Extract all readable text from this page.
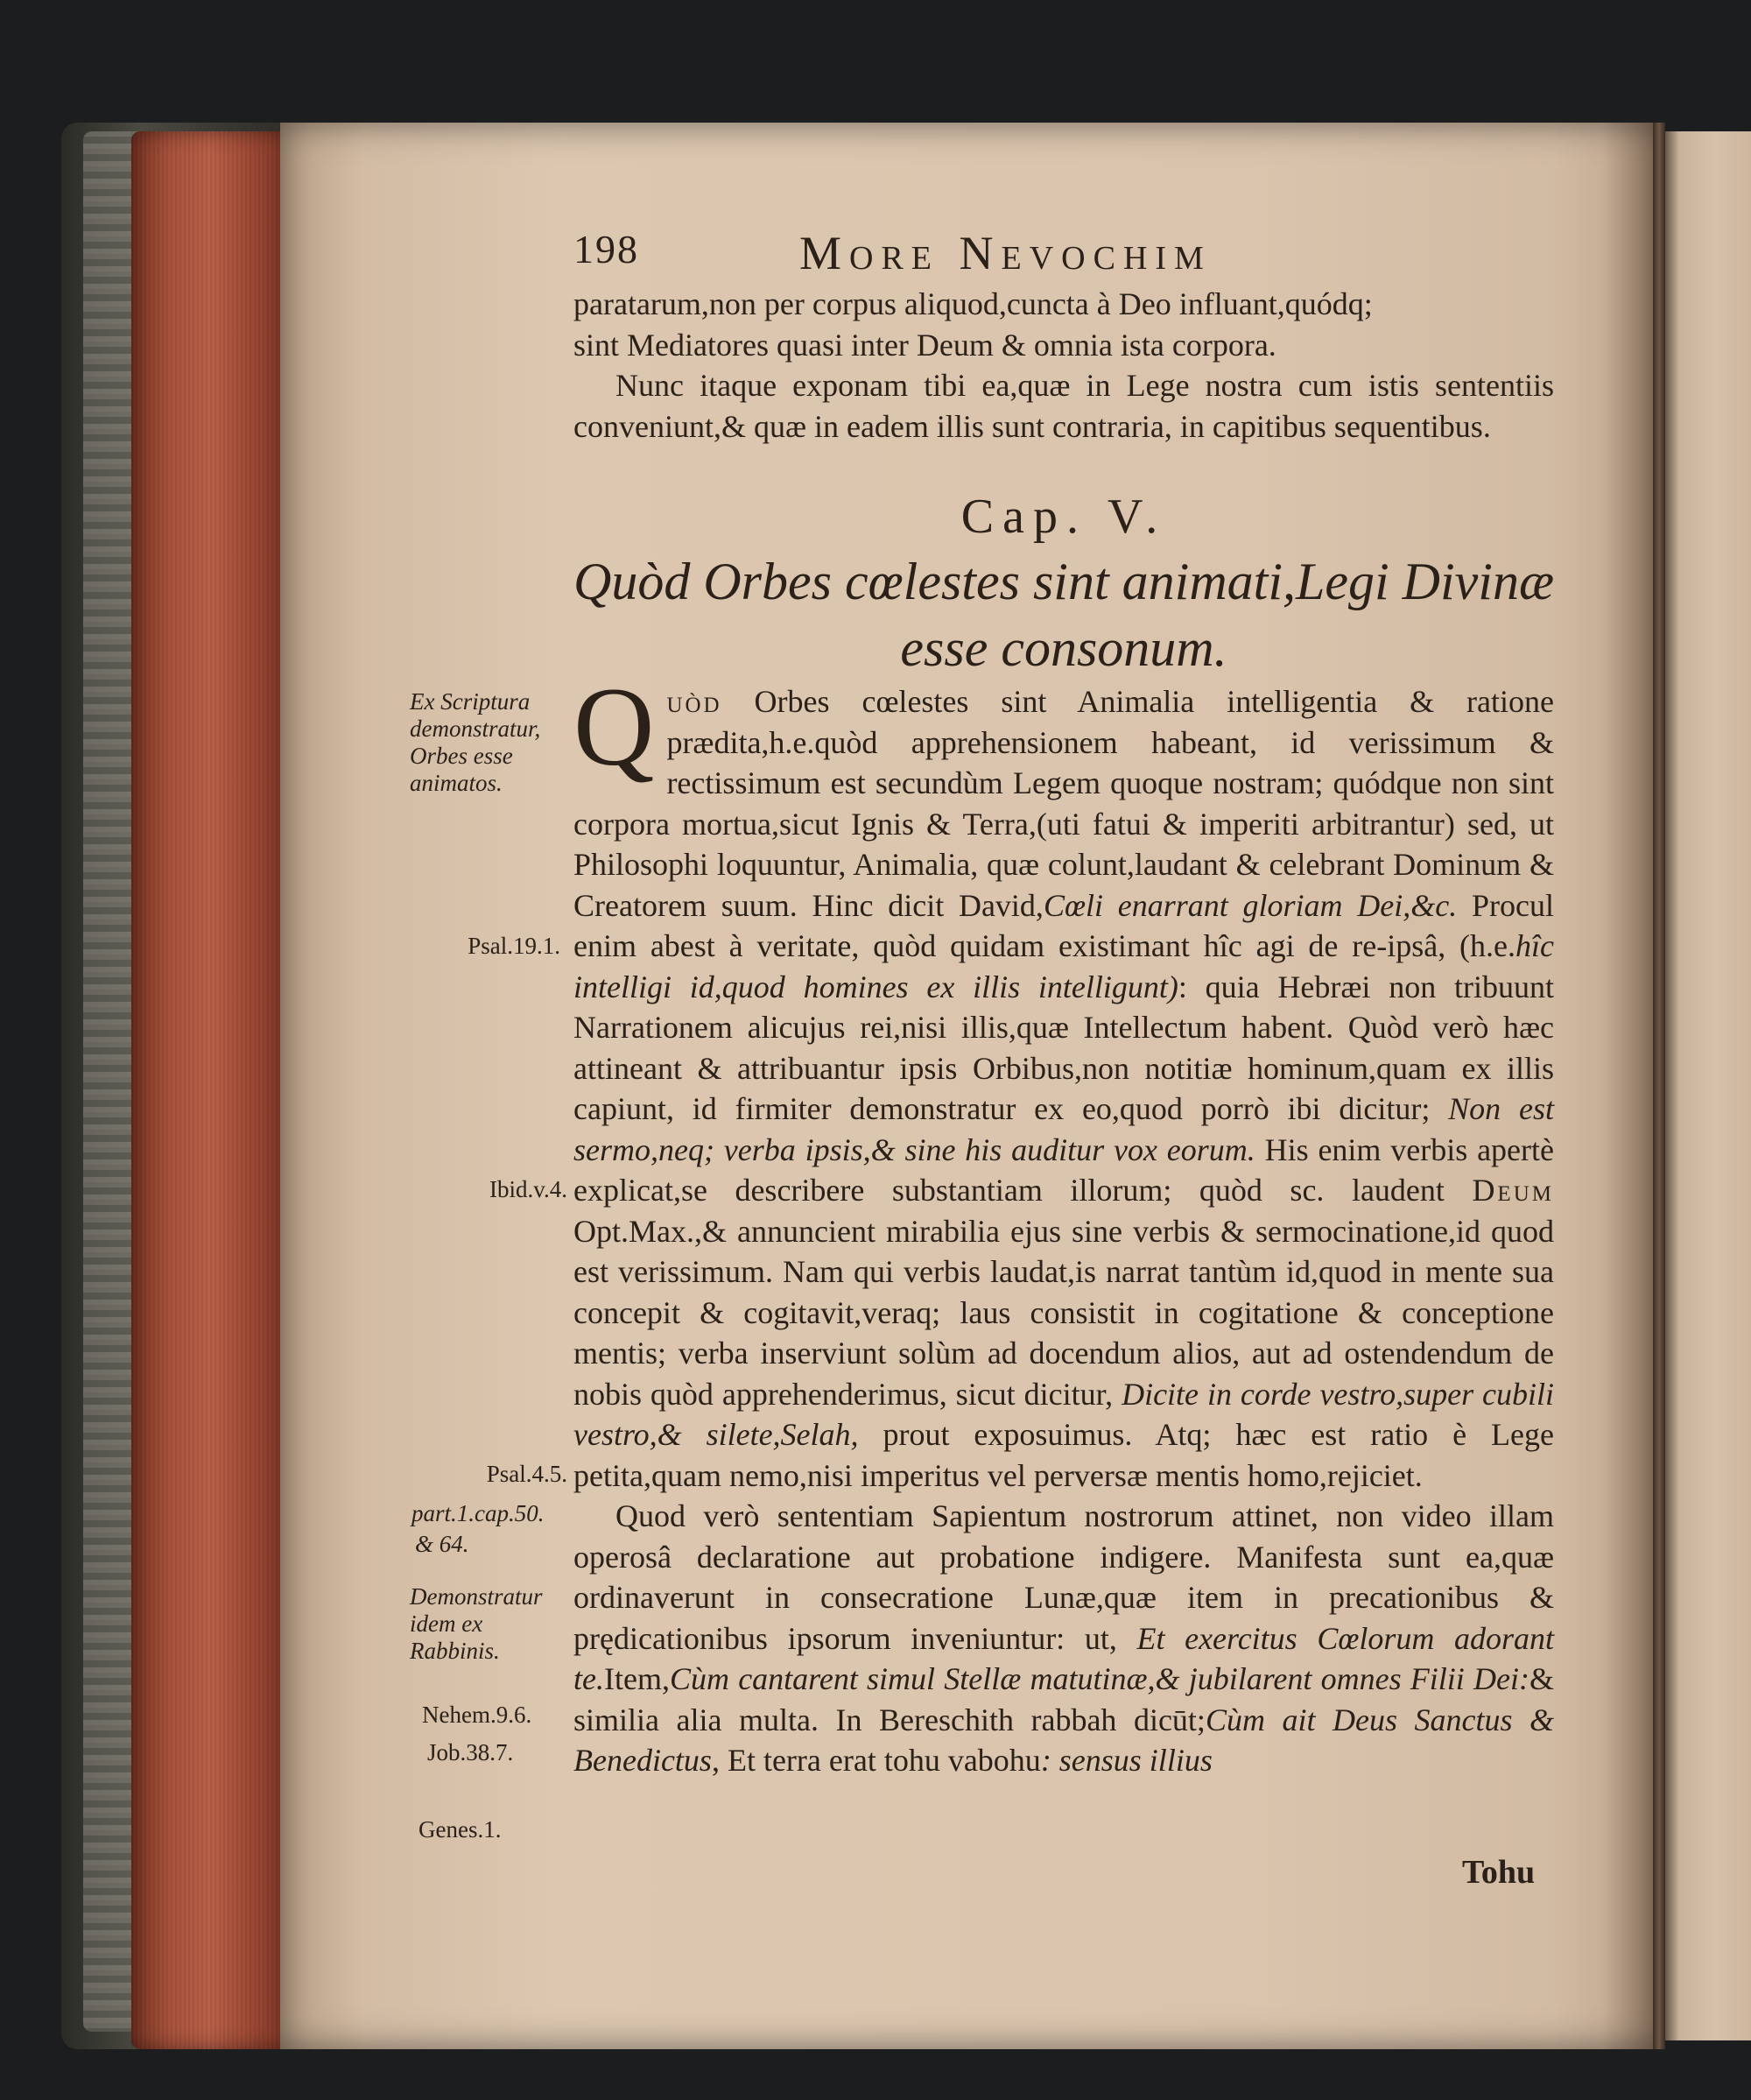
198	More Nevochim

paratarum,non per corpus aliquod,cuncta à Deo influant,quódq;

sint Mediatores quasi inter Deum & omnia ista corpora.

Nunc itaque exponam tibi ea,quæ in Lege nostra cum istis sententiis conveniunt,& quæ in eadem illis sunt contraria, in capitibus sequentibus.

Cap. V.
Quòd Orbes cœlestes sint animati,Legi Divinæ esse consonum.

Q uòd Orbes cœlestes sint Animalia intelligentia & ratione prædita,h.e.quòd apprehensionem habeant, id verissimum & rectissimum est secundùm Legem quoque nostram; quódque non sint corpora mortua,sicut Ignis & Terra,(uti fatui & imperiti arbitrantur) sed, ut Philosophi loquuntur, Animalia, quæ colunt,laudant & celebrant Dominum & Creatorem suum. Hinc dicit David,Cœli enarrant gloriam Dei,&c. Procul enim abest à veritate, quòd quidam existimant hîc agi de re-ipsâ, (h.e.hîc intelligi id,quod homines ex illis intelligunt): quia Hebræi non tribuunt Narrationem alicujus rei,nisi illis,quæ Intellectum habent. Quòd verò hæc attineant & attribuantur ipsis Orbibus,non notitiæ hominum,quam ex illis capiunt, id firmiter demonstratur ex eo,quod porrò ibi dicitur; Non est sermo,neq; verba ipsis,& sine his auditur vox eorum. His enim verbis apertè explicat,se describere substantiam illorum; quòd sc. laudent Deum Opt.Max.,& annuncient mirabilia ejus sine verbis & sermocinatione,id quod est verissimum. Nam qui verbis laudat,is narrat tantùm id,quod in mente sua concepit & cogitavit,veraq; laus consistit in cogitatione & conceptione mentis; verba inserviunt solùm ad docendum alios, aut ad ostendendum de nobis quòd apprehenderimus, sicut dicitur, Dicite in corde vestro,super cubili vestro,& silete,Selah, prout exposuimus. Atq; hæc est ratio è Lege petita,quam nemo,nisi imperitus vel perversæ mentis homo,rejiciet.

Quod verò sententiam Sapientum nostrorum attinet, non video illam operosâ declaratione aut probatione indigere. Manifesta sunt ea,quæ ordinaverunt in consecratione Lunæ,quæ item in precationibus & prędicationibus ipsorum inveniuntur: ut, Et exercitus Cœlorum adorant te.Item,Cùm cantarent simul Stellæ matutinæ,& jubilarent omnes Filii Dei:& similia alia multa. In Bereschith rabbah dicūt;Cùm ait Deus Sanctus & Benedictus, Et terra erat tohu vabohu: sensus illius

Tohu
Ex Scriptura demonstratur, Orbes esse animatos.
Psal.19.1.
Ibid.v.4.
Psal.4.5.
part.1.cap.50.
& 64.
Demonstratur idem ex Rabbinis.
Nehem.9.6.
Job.38.7.
Genes.1.
